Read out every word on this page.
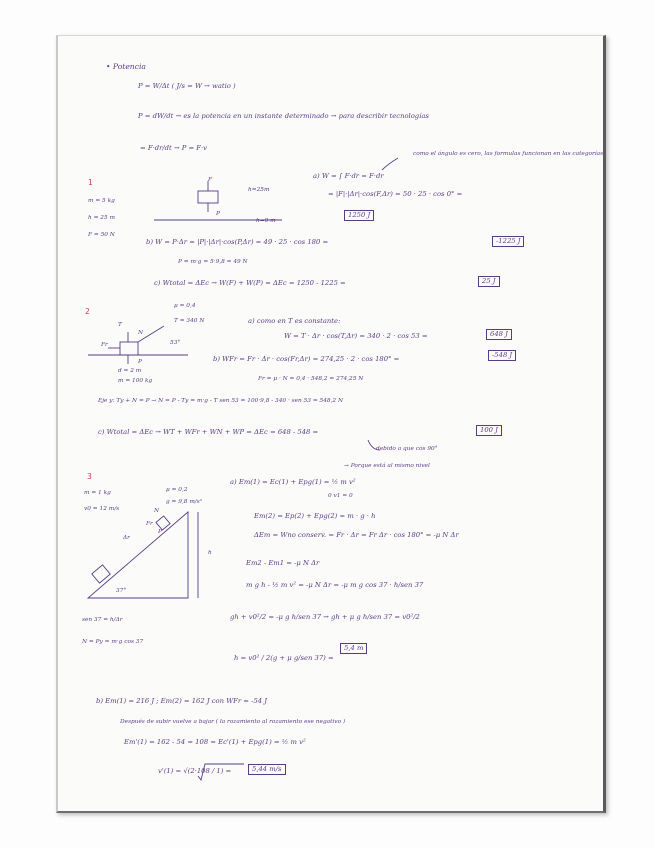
• Potencia
P = W/Δt ( J/s = W → watio )
P = dW/dt → es la potencia en un instante determinado → para describir tecnologías
= F·dr/dt → P = F·v
1
m = 5 kg
h = 25 m
F = 50 N
F
P
h=25m
h=0 m
como el ángulo es cero, las formulas funcionan en las categorías
a) W = ∫ F·dr = F·dr
= |F|·|Δr|·cos(F,Δr) = 50 · 25 · cos 0° =
1250 J
b) W = P·Δr = |P|·|Δr|·cos(P,Δr) = 49 · 25 · cos 180 =	-1225 J
P = m·g = 5·9,8 = 49 N
c) Wtotal = ΔEc → W(F) + W(P) = ΔEc = 1250 - 1225 =	25 J
2
μ = 0,4
T = 340 N
d = 2 m
m = 100 kg
T
N
Fr	53°
P
a) como en T es constante:
W = T · Δr · cos(T,Δr) = 340 · 2 · cos 53 =	648 J
b) WFr = Fr · Δr · cos(Fr,Δr) = 274,25 · 2 · cos 180° =	-548 J
Fr = μ · N = 0,4 · 548,2 = 274,25 N
Eje y: Ty + N = P → N = P - Ty = m·g - T sen 53 = 100·9,8 - 340 · sen 53 = 548,2 N
c) Wtotal = ΔEc → WT + WFr + WN + WP = ΔEc = 648 - 548 =	100 J
debido a que cos 90°
3
m = 1 kg
v0 = 12 m/s
μ = 0,2
g = 9,8 m/s²
sen 37 = h/Δr
N = Py = m·g cos 37
37°
h
N
Fr
P
Δr
→ Porque está al mismo nivel
a) Em(1) = Ec(1) + Epg(1) = ½ m v²
0 v1 = 0
Em(2) = Ep(2) + Epg(2) = m · g · h
ΔEm = Wno conserv. = Fr · Δr = Fr Δr · cos 180° = -μ N Δr
Em2 - Em1 = -μ N Δr
m g h - ½ m v² = -μ N Δr = -μ m g cos 37 · h/sen 37
gh + v0²/2 = -μ g h/sen 37 → gh + μ g h/sen 37 = v0²/2
h = v0² / 2(g + μ g/sen 37) =
5,4 m
b) Em(1) = 216 J ; Em(2) = 162 J con WFr = -54 J
Después de subir vuelve a bajar ( la rozamiento al rozamiento ese negativo )
Em'(1) = 162 - 54 = 108 = Ec'(1) + Epg(1) = ½ m v²
v'(1) = √(2·108 / 1) =	5,44 m/s
